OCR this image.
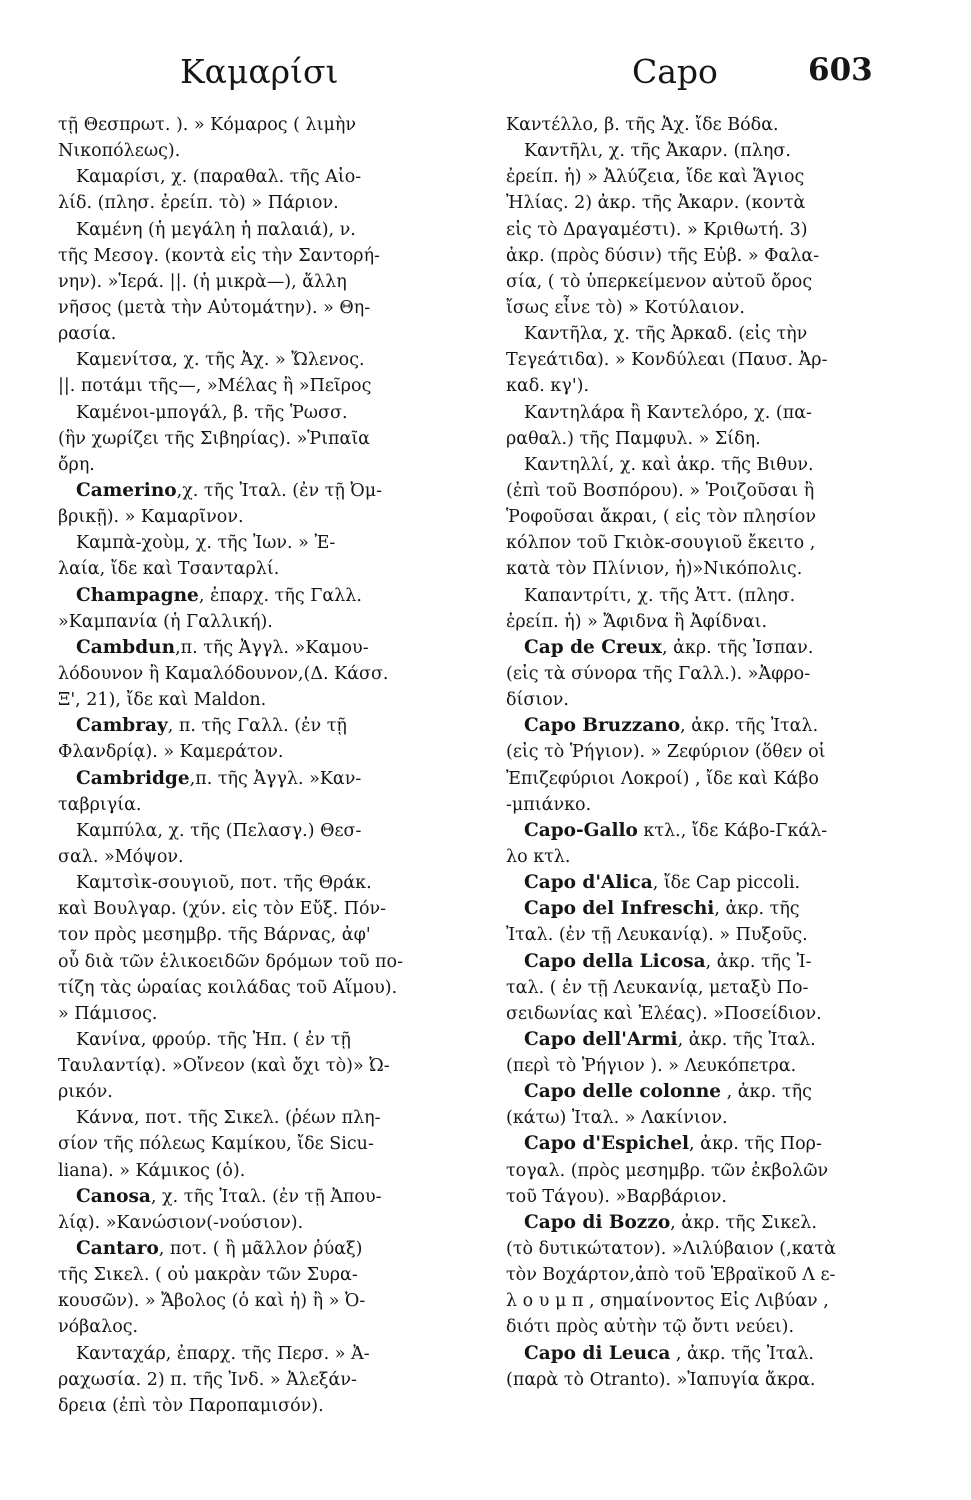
Καμαρίσι	Capo	603
τῇ Θεσπρωτ. ). » Κόμαρος ( λιμὴν
Νικοπόλεως).
Καμαρίσι, χ. (παραθαλ. τῆς Αἰο-
λίδ. (πλησ. ἐρείπ. τὸ) » Πάριον.
Καμένη (ἡ μεγάλη ἡ παλαιά), ν.
τῆς Μεσογ. (κοντὰ εἰς τὴν Σαντορή-
νην). »Ἱερά. ||. (ἡ μικρὰ—), ἄλλη
νῆσος (μετὰ τὴν Αὐτομάτην). » Θη-
ρασία.
Καμενίτσα, χ. τῆς Ἀχ. » Ὤλενος.
||. ποτάμι τῆς—, »Μέλας ἢ »Πεῖρος
Καμένοι-μπογάλ, β. τῆς Ῥωσσ.
(ἣν χωρίζει τῆς Σιβηρίας). »Ῥιπαῖα
ὄρη.
Camerino,χ. τῆς Ἰταλ. (ἐν τῇ Ὀμ-
βρικῇ). » Καμαρῖνον.
Καμπὰ-χοὺμ, χ. τῆς Ἰων. » Ἐ-
λαία, ἴδε καὶ Τσανταρλί.
Champagne, ἐπαρχ. τῆς Γαλλ.
»Καμπανία (ἡ Γαλλική).
Cambdun,π. τῆς Ἀγγλ. »Καμου-
λόδουνον ἢ Καμαλόδουνον,(Δ. Κάσσ.
Ξ', 21), ἴδε καὶ Maldon.
Cambray, π. τῆς Γαλλ. (ἐν τῇ
Φλανδρίᾳ). » Καμεράτον.
Cambridge,π. τῆς Ἀγγλ. »Καν-
ταβριγία.
Καμπύλα, χ. τῆς (Πελασγ.) Θεσ-
σαλ. »Μόψον.
Καμτσὶκ-σουγιοῦ, ποτ. τῆς Θράκ.
καὶ Βουλγαρ. (χύν. εἰς τὸν Εὔξ. Πόν-
τον πρὸς μεσημβρ. τῆς Βάρνας, ἀφ'
οὗ διὰ τῶν ἑλικοειδῶν δρόμων τοῦ πο-
τίζη τὰς ὡραίας κοιλάδας τοῦ Αἵμου).
» Πάμισος.
Κανίνα, φρούρ. τῆς Ἠπ. ( ἐν τῇ
Ταυλαντίᾳ). »Οἴνεον (καὶ ὄχι τὸ)» Ὠ-
ρικόν.
Κάννα, ποτ. τῆς Σικελ. (ῥέων πλη-
σίον τῆς πόλεως Καμίκου, ἴδε Sicu-
liana). » Κάμικος (ὁ).
Canosa, χ. τῆς Ἰταλ. (ἐν τῇ Ἀπου-
λίᾳ). »Κανώσιον(-νούσιον).
Cantaro, ποτ. ( ἢ μᾶλλον ῥύαξ)
τῆς Σικελ. ( οὐ μακρὰν τῶν Συρα-
κουσῶν). » Ἄβολος (ὁ καὶ ἡ) ἢ » Ὀ-
νόβαλος.
Κανταχάρ, ἐπαρχ. τῆς Περσ. » Ἀ-
ραχωσία. 2) π. τῆς Ἰνδ. » Ἀλεξάν-
δρεια (ἐπὶ τὸν Παροπαμισόν).
Καντέλλο, β. τῆς Ἀχ. ἴδε Βόδα.
Καντῆλι, χ. τῆς Ἀκαρν. (πλησ.
ἐρείπ. ἡ) » Ἀλύζεια, ἴδε καὶ Ἅγιος
Ἠλίας. 2) ἀκρ. τῆς Ἀκαρν. (κοντὰ
εἰς τὸ Δραγαμέστι). » Κριθωτή. 3)
ἀκρ. (πρὸς δύσιν) τῆς Εὐβ. » Φαλα-
σία, ( τὸ ὑπερκείμενον αὐτοῦ ὄρος
ἴσως εἶνε τὸ) » Κοτύλαιον.
Καντῆλα, χ. τῆς Ἀρκαδ. (εἰς τὴν
Τεγεάτιδα). » Κονδύλεαι (Παυσ. Ἀρ-
καδ. κγ').
Καντηλάρα ἢ Καντελόρο, χ. (πα-
ραθαλ.) τῆς Παμφυλ. » Σίδη.
Καντηλλί, χ. καὶ ἀκρ. τῆς Βιθυν.
(ἐπὶ τοῦ Βοσπόρου). » Ῥοιζοῦσαι ἢ
Ῥοφοῦσαι ἄκραι, ( εἰς τὸν πλησίον
κόλπον τοῦ Γκιὸκ-σουγιοῦ ἔκειτο ,
κατὰ τὸν Πλίνιον, ἡ)»Νικόπολις.
Καπαντρίτι, χ. τῆς Ἀττ. (πλησ.
ἐρείπ. ἡ) » Ἄφιδνα ἢ Ἀφίδναι.
Cap de Creux, ἀκρ. τῆς Ἰσπαν.
(εἰς τὰ σύνορα τῆς Γαλλ.). »Ἀφρο-
δίσιον.
Capo Bruzzano, ἀκρ. τῆς Ἰταλ.
(εἰς τὸ Ῥήγιον). » Ζεφύριον (ὅθεν οἱ
Ἐπιζεφύριοι Λοκροί) , ἴδε καὶ Κάβο
-μπιάνκο.
Capo-Gallo κτλ., ἴδε Κάβο-Γκάλ-
λο κτλ.
Capo d'Alica, ἴδε Cap piccoli.
Capo del Infreschi, ἀκρ. τῆς
Ἰταλ. (ἐν τῇ Λευκανίᾳ). » Πυξοῦς.
Capo della Licosa, ἀκρ. τῆς Ἰ-
ταλ. ( ἐν τῇ Λευκανίᾳ, μεταξὺ Πο-
σειδωνίας καὶ Ἐλέας). »Ποσείδιον.
Capo dell'Armi, ἀκρ. τῆς Ἰταλ.
(περὶ τὸ Ῥήγιον ). » Λευκόπετρα.
Capo delle colonne , ἀκρ. τῆς
(κάτω) Ἰταλ. » Λακίνιον.
Capo d'Espichel, ἀκρ. τῆς Πορ-
τογαλ. (πρὸς μεσημβρ. τῶν ἐκβολῶν
τοῦ Τάγου). »Βαρβάριον.
Capo di Bozzo, ἀκρ. τῆς Σικελ.
(τὸ δυτικώτατον). »Λιλύβαιον (,κατὰ
τὸν Βοχάρτον,ἀπὸ τοῦ Ἑβραϊκοῦ Λ ε-
λ ο υ μ π , σημαίνοντος Εἰς Λιβύαν ,
διότι πρὸς αὐτὴν τῷ ὄντι νεύει).
Capo di Leuca , ἀκρ. τῆς Ἰταλ.
(παρὰ τὸ Otranto). »Ἰαπυγία ἄκρα.
